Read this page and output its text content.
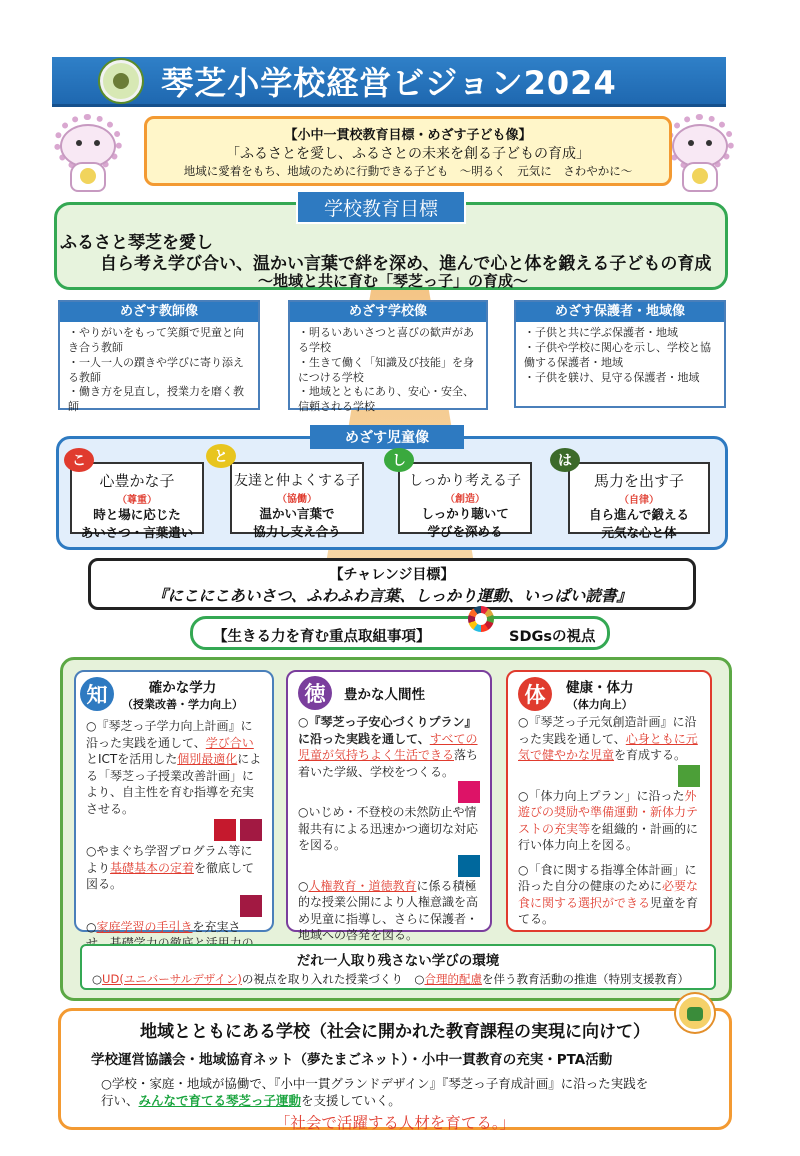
琴芝小学校経営ビジョン2024
【小中一貫校教育目標・めざす子ども像】
「ふるさとを愛し、ふるさとの未来を創る子どもの育成」
地域に愛着をもち、地域のために行動できる子ども　～明るく　元気に　さわやかに～
学校教育目標
ふるさと琴芝を愛し
自ら考え学び合い、温かい言葉で絆を深め、進んで心と体を鍛える子どもの育成
～地域と共に育む「琴芝っ子」の育成～
めざす教師像
・やりがいをもって笑顔で児童と向き合う教師
・一人一人の躓きや学びに寄り添える教師
・働き方を見直し，授業力を磨く教師
めざす学校像
・明るいあいさつと喜びの歓声がある学校
・生きて働く「知識及び技能」を身につける学校
・地域とともにあり、安心・安全、信頼される学校
めざす保護者・地域像
・子供と共に学ぶ保護者・地域
・子供や学校に関心を示し、学校と協働する保護者・地域
・子供を躾け、見守る保護者・地域
めざす児童像
心豊かな子
（尊重）
時と場に応じた
あいさつ・言葉遣い
こ
友達と仲よくする子
（協働）
温かい言葉で
協力し支え合う
と
しっかり考える子
（創造）
しっかり聴いて
学びを深める
し
馬力を出す子
（自律）
自ら進んで鍛える
元気な心と体
は
【チャレンジ目標】
『にこにこあいさつ、ふわふわ言葉、しっかり運動、いっぱい読書』
【生きる力を育む重点取組事項】	SDGsの視点
知	確かな学力
（授業改善・学力向上）
○『琴芝っ子学力向上計画』に沿った実践を通して、学び合いとICTを活用した個別最適化による「琴芝っ子授業改善計画」により、自主性を育む指導を充実させる。

○やまぐち学習プログラム等により基礎基本の定着を徹底して図る。
○家庭学習の手引きを充実さ
徳	豊かな人間性
○『琴芝っ子安心づくりプラン』に沿った実践を通して、すべての児童が気持ちよく生活できる落ち着いた学級、学校をつくる。
○いじめ・不登校の未然防止や情報共有による迅速かつ適切な対応を図る。
○人権教育・道徳教育に係る積極的な授業公開により人権意識を高め児童に指導し、さらに保護者・地域への啓発を図る。
体	健康・体力
（体力向上）
○『琴芝っ子元気創造計画』に沿った実践を通して、心身ともに元気で健やかな児童を育成する。
○「体力向上プラン」に沿った外遊びの奨励や準備運動・新体力テストの充実等を組織的・計画的に行い体力向上を図る。
○「食に関する指導全体計画」に沿った自分の健康のために必要な食に関する選択ができる児童を育てる。
だれ一人取り残さない学びの環境
○UD(ユニバーサルデザイン)の視点を取り入れた授業づくり　○合理的配慮を伴う教育活動の推進（特別支援教育）
地域とともにある学校（社会に開かれた教育課程の実現に向けて）
学校運営協議会・地域協育ネット（夢たまごネット）・小中一貫教育の充実・PTA活動
○学校・家庭・地域が協働で、『小中一貫グランドデザイン』『琴芝っ子育成計画』に沿った実践を
行い、みんなで育てる琴芝っ子運動を支援していく。
「社会で活躍する人材を育てる。」
